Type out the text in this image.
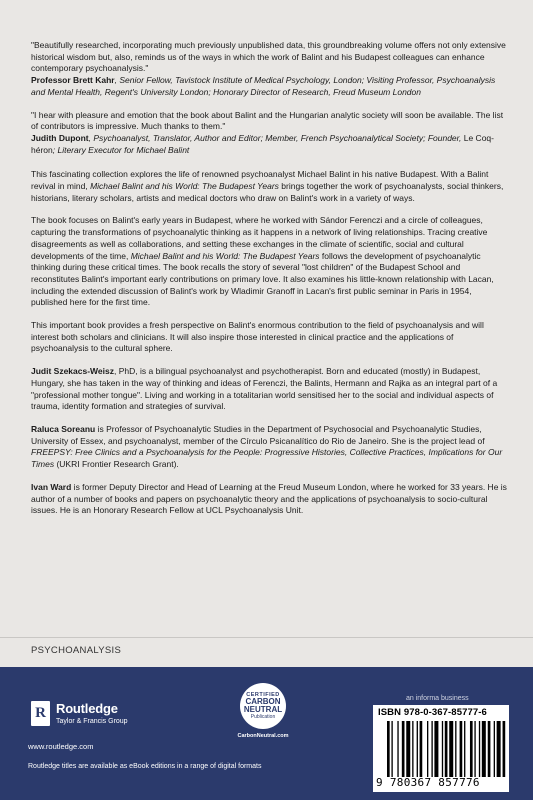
"Beautifully researched, incorporating much previously unpublished data, this groundbreaking volume offers not only extensive historical wisdom but, also, reminds us of the ways in which the work of Balint and his Budapest colleagues can enhance contemporary psychoanalysis."
Professor Brett Kahr, Senior Fellow, Tavistock Institute of Medical Psychology, London; Visiting Professor, Psychoanalysis and Mental Health, Regent's University London; Honorary Director of Research, Freud Museum London

"I hear with pleasure and emotion that the book about Balint and the Hungarian analytic society will soon be available. The list of contributors is impressive. Much thanks to them."
Judith Dupont, Psychoanalyst, Translator, Author and Editor; Member, French Psychoanalytical Society; Founder, Le Coq-héron; Literary Executor for Michael Balint

This fascinating collection explores the life of renowned psychoanalyst Michael Balint in his native Budapest. With a Balint revival in mind, Michael Balint and his World: The Budapest Years brings together the work of psychoanalysts, social thinkers, historians, literary scholars, artists and medical doctors who draw on Balint's work in a variety of ways.

The book focuses on Balint's early years in Budapest, where he worked with Sándor Ferenczi and a circle of colleagues, capturing the transformations of psychoanalytic thinking as it happens in a network of living relationships. Tracing creative disagreements as well as collaborations, and setting these exchanges in the climate of scientific, social and cultural developments of the time, Michael Balint and his World: The Budapest Years follows the development of psychoanalytic thinking during these critical times. The book recalls the story of several "lost children" of the Budapest School and reconstitutes Balint's important early contributions on primary love. It also examines his little-known relationship with Lacan, including the extended discussion of Balint's work by Wladimir Granoff in Lacan's first public seminar in Paris in 1954, published here for the first time.

This important book provides a fresh perspective on Balint's enormous contribution to the field of psychoanalysis and will interest both scholars and clinicians. It will also inspire those interested in clinical practice and the applications of psychoanalysis to the cultural sphere.

Judit Szekacs-Weisz, PhD, is a bilingual psychoanalyst and psychotherapist. Born and educated (mostly) in Budapest, Hungary, she has taken in the way of thinking and ideas of Ferenczi, the Balints, Hermann and Rajka as an integral part of a "professional mother tongue". Living and working in a totalitarian world sensitised her to the social and individual aspects of trauma, identity formation and strategies of survival.

Raluca Soreanu is Professor of Psychoanalytic Studies in the Department of Psychosocial and Psychoanalytic Studies, University of Essex, and psychoanalyst, member of the Círculo Psicanalítico do Rio de Janeiro. She is the project lead of FREEPSY: Free Clinics and a Psychoanalysis for the People: Progressive Histories, Collective Practices, Implications for Our Times (UKRI Frontier Research Grant).

Ivan Ward is former Deputy Director and Head of Learning at the Freud Museum London, where he worked for 33 years. He is author of a number of books and papers on psychoanalytic theory and the applications of psychoanalysis to socio-cultural issues. He is an Honorary Research Fellow at UCL Psychoanalysis Unit.

PSYCHOANALYSIS
R Routledge
Taylor & Francis Group
www.routledge.com
Routledge titles are available as eBook editions in a range of digital formats
CERTIFIED
CARBON NEUTRAL
Publication
CarbonNeutral.com
an informa business
ISBN 978-0-367-85777-6
9 780367 857776
